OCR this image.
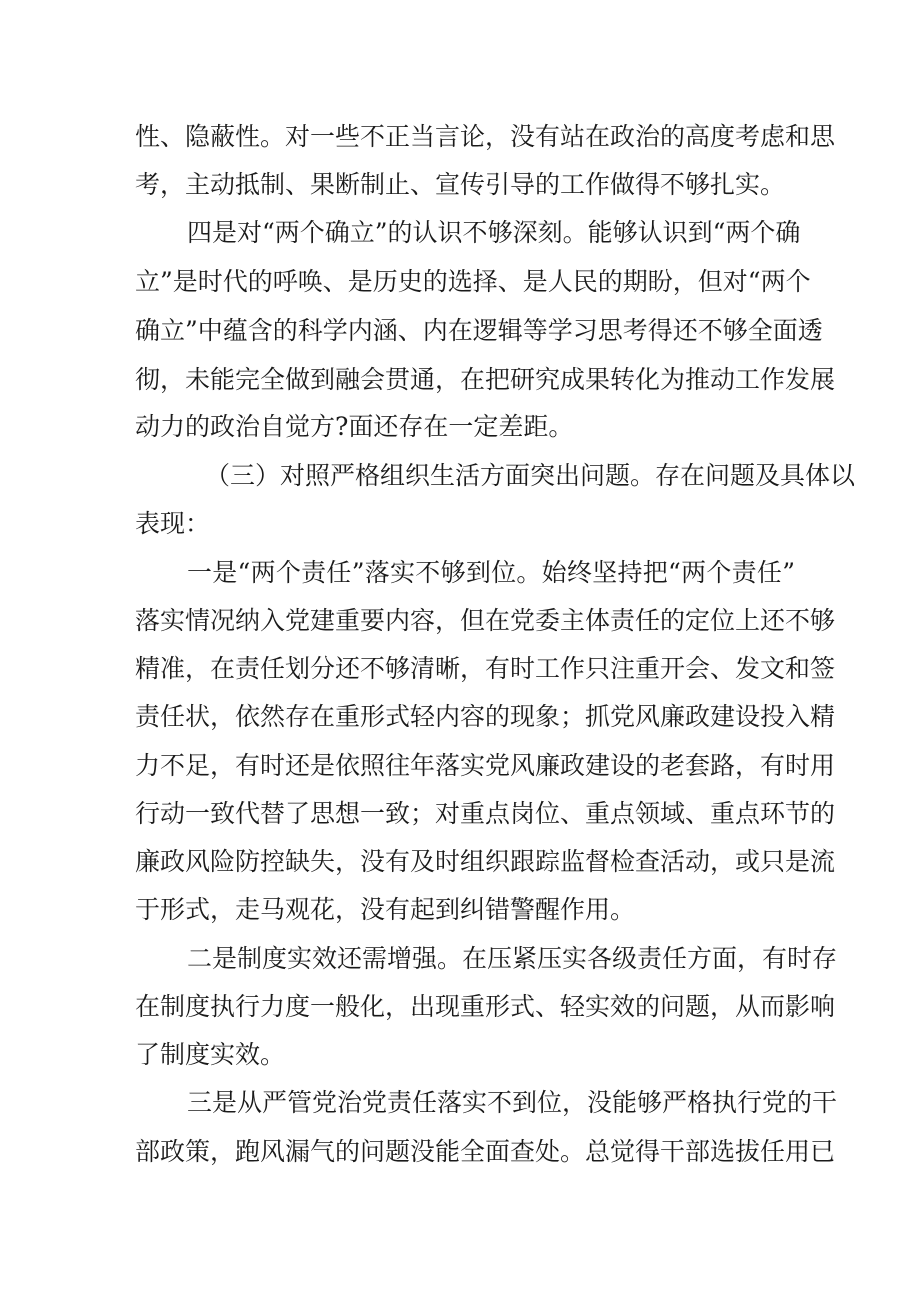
性、隐蔽性。对一些不正当言论，没有站在政治的高度考虑和思
考，主动抵制、果断制止、宣传引导的工作做得不够扎实。
四是对“两个确立”的认识不够深刻。能够认识到“两个确
立”是时代的呼唤、是历史的选择、是人民的期盼，但对“两个
确立”中蕴含的科学内涵、内在逻辑等学习思考得还不够全面透
彻，未能完全做到融会贯通，在把研究成果转化为推动工作发展
动力的政治自觉方?面还存在一定差距。
（三）对照严格组织生活方面突出问题。存在问题及具体以
表现：
一是“两个责任”落实不够到位。始终坚持把“两个责任”
落实情况纳入党建重要内容，但在党委主体责任的定位上还不够
精准，在责任划分还不够清晰，有时工作只注重开会、发文和签
责任状，依然存在重形式轻内容的现象；抓党风廉政建设投入精
力不足，有时还是依照往年落实党风廉政建设的老套路，有时用
行动一致代替了思想一致；对重点岗位、重点领域、重点环节的
廉政风险防控缺失，没有及时组织跟踪监督检查活动，或只是流
于形式，走马观花，没有起到纠错警醒作用。
二是制度实效还需增强。在压紧压实各级责任方面，有时存
在制度执行力度一般化，出现重形式、轻实效的问题，从而影响
了制度实效。
三是从严管党治党责任落实不到位，没能够严格执行党的干
部政策，跑风漏气的问题没能全面查处。总觉得干部选拔任用已
